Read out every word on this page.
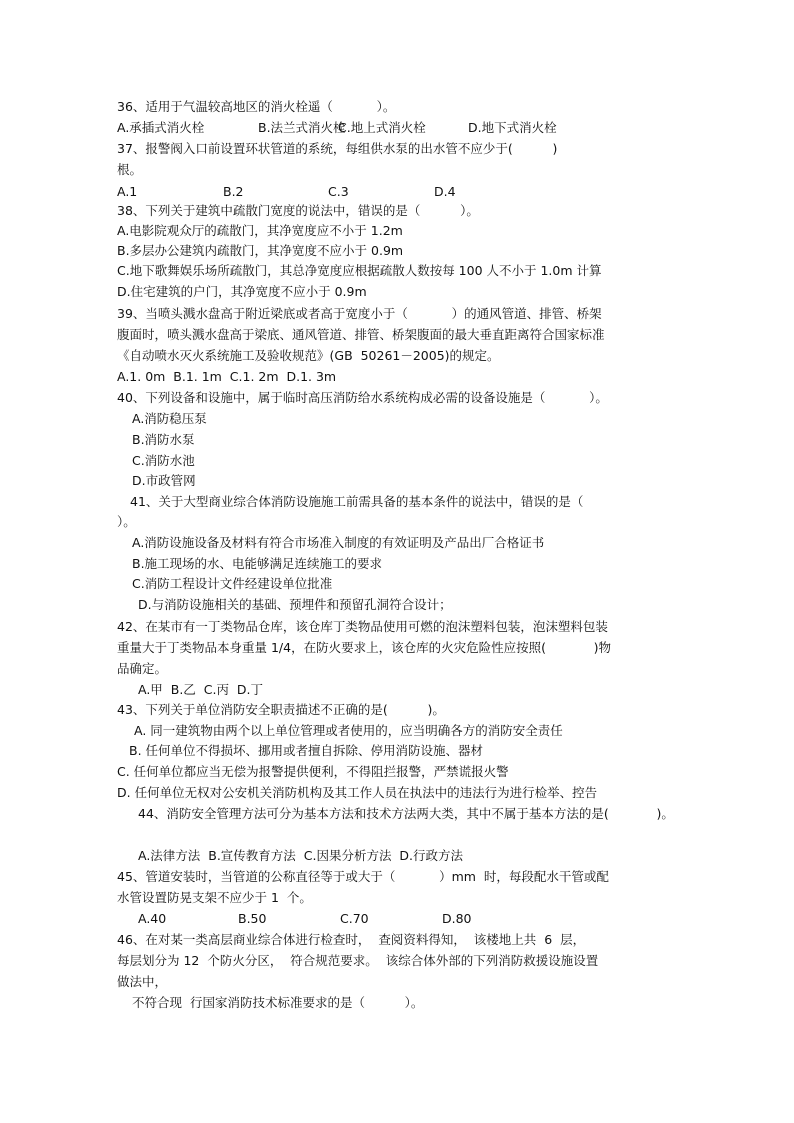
36、适用于气温较高地区的消火栓遥（           ）。
A.承插式消火栓	B.法兰式消火栓
C.地上式消火栓	D.地下式消火栓
37、报警阀入口前设置环状管道的系统，每组供水泵的出水管不应少于(          )
根。
A.1	B.2	C.3	D.4
38、下列关于建筑中疏散门宽度的说法中，错误的是（          ）。
A.电影院观众厅的疏散门，其净宽度应不小于 1.2m
B.多层办公建筑内疏散门，其净宽度不应小于 0.9m
C.地下歌舞娱乐场所疏散门，其总净宽度应根据疏散人数按每 100 人不小于 1.0m 计算
D.住宅建筑的户门，其净宽度不应小于 0.9m
39、当喷头溅水盘高于附近梁底或者高于宽度小于（           ）的通风管道、排管、桥架
腹面时，喷头溅水盘高于梁底、通风管道、排管、桥架腹面的最大垂直距离符合国家标准
《自动喷水灭火系统施工及验收规范》(GB  50261－2005)的规定。
A.1. 0m  B.1. 1m  C.1. 2m  D.1. 3m
40、下列设备和设施中，属于临时高压消防给水系统构成必需的设备设施是（           ）。
A.消防稳压泵
B.消防水泵
C.消防水池
D.市政管网
41、关于大型商业综合体消防设施施工前需具备的基本条件的说法中，错误的是（
）。
A.消防设施设备及材料有符合市场准入制度的有效证明及产品出厂合格证书
B.施工现场的水、电能够满足连续施工的要求
C.消防工程设计文件经建设单位批准
D.与消防设施相关的基础、预埋件和预留孔洞符合设计；
42、在某市有一丁类物品仓库，该仓库丁类物品使用可燃的泡沫塑料包装，泡沫塑料包装
重量大于丁类物品本身重量 1/4，在防火要求上，该仓库的火灾危险性应按照(            )物
品确定。
A.甲  B.乙  C.丙  D.丁
43、下列关于单位消防安全职责描述不正确的是(          )。
A. 同一建筑物由两个以上单位管理或者使用的，应当明确各方的消防安全责任
B. 任何单位不得损坏、挪用或者擅自拆除、停用消防设施、器材
C. 任何单位都应当无偿为报警提供便利，不得阻拦报警，严禁谎报火警
D. 任何单位无权对公安机关消防机构及其工作人员在执法中的违法行为进行检举、控告
44、消防安全管理方法可分为基本方法和技术方法两大类，其中不属于基本方法的是(            )。
A.法律方法  B.宣传教育方法  C.因果分析方法  D.行政方法
45、管道安装时，当管道的公称直径等于或大于（           ）mm  时，每段配水干管或配
水管设置防晃支架不应少于 1  个。
A.40	B.50	C.70	D.80
46、在对某一类高层商业综合体进行检查时，  查阅资料得知，  该楼地上共  6  层，
每层划分为 12  个防火分区，  符合规范要求。  该综合体外部的下列消防救援设施设置
做法中，
不符合现  行国家消防技术标准要求的是（          ）。
